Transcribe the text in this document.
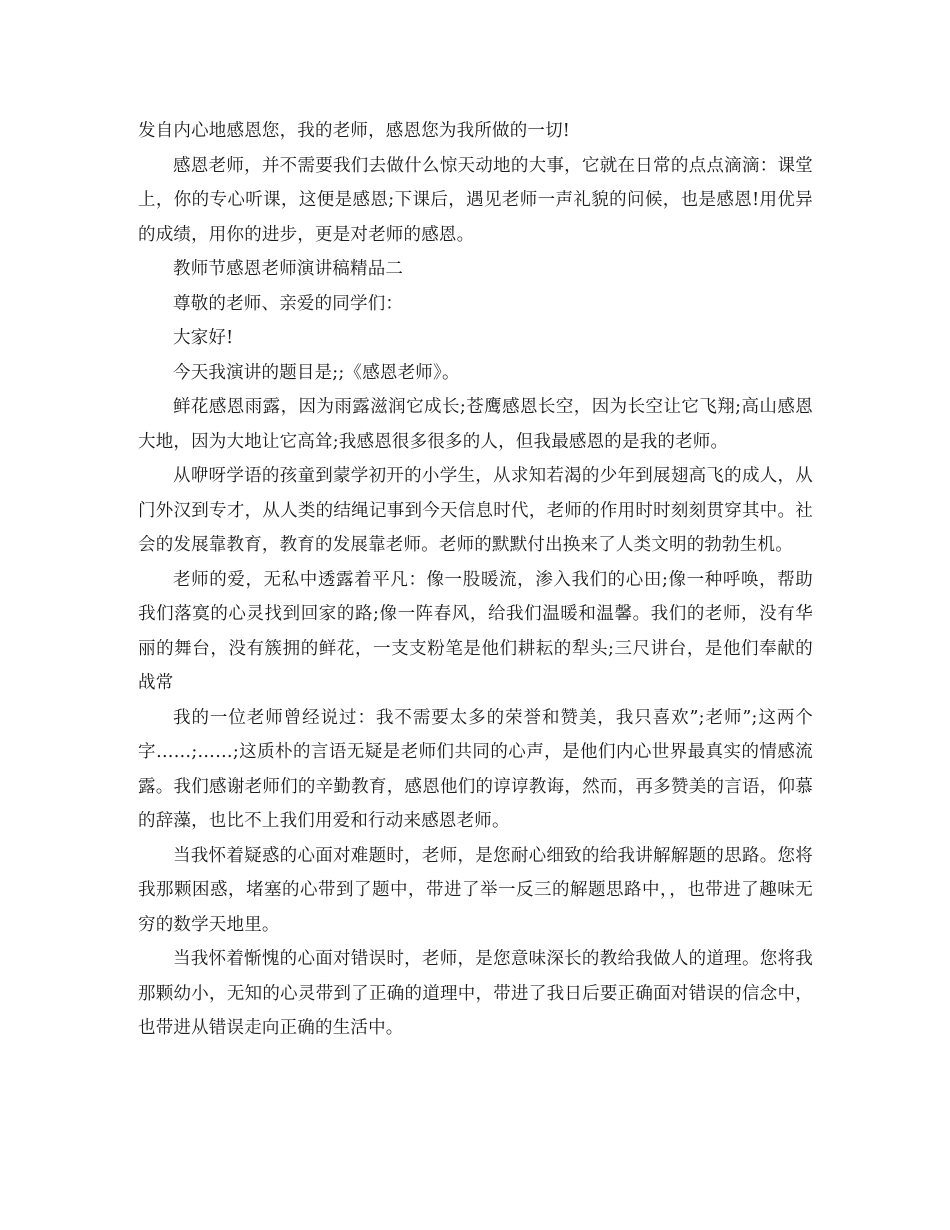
发自内心地感恩您，我的老师，感恩您为我所做的一切!

感恩老师，并不需要我们去做什么惊天动地的大事，它就在日常的点点滴滴：课堂上，你的专心听课，这便是感恩;下课后，遇见老师一声礼貌的问候，也是感恩!用优异的成绩，用你的进步，更是对老师的感恩。

教师节感恩老师演讲稿精品二

尊敬的老师、亲爱的同学们：

大家好!

今天我演讲的题目是;;《感恩老师》。

鲜花感恩雨露，因为雨露滋润它成长;苍鹰感恩长空，因为长空让它飞翔;高山感恩大地，因为大地让它高耸;我感恩很多很多的人，但我最感恩的是我的老师。

从咿呀学语的孩童到蒙学初开的小学生，从求知若渴的少年到展翅高飞的成人，从门外汉到专才，从人类的结绳记事到今天信息时代，老师的作用时时刻刻贯穿其中。社会的发展靠教育，教育的发展靠老师。老师的默默付出换来了人类文明的勃勃生机。

老师的爱，无私中透露着平凡：像一股暖流，渗入我们的心田;像一种呼唤，帮助我们落寞的心灵找到回家的路;像一阵春风，给我们温暖和温馨。我们的老师，没有华丽的舞台，没有簇拥的鲜花，一支支粉笔是他们耕耘的犁头;三尺讲台，是他们奉献的战常

我的一位老师曾经说过：我不需要太多的荣誉和赞美，我只喜欢”;老师”;这两个字……;……;这质朴的言语无疑是老师们共同的心声，是他们内心世界最真实的情感流露。我们感谢老师们的辛勤教育，感恩他们的谆谆教诲，然而，再多赞美的言语，仰慕的辞藻，也比不上我们用爱和行动来感恩老师。

当我怀着疑惑的心面对难题时，老师，是您耐心细致的给我讲解解题的思路。您将我那颗困惑，堵塞的心带到了题中，带进了举一反三的解题思路中，，也带进了趣味无穷的数学天地里。

当我怀着惭愧的心面对错误时，老师，是您意味深长的教给我做人的道理。您将我那颗幼小，无知的心灵带到了正确的道理中，带进了我日后要正确面对错误的信念中，也带进从错误走向正确的生活中。
